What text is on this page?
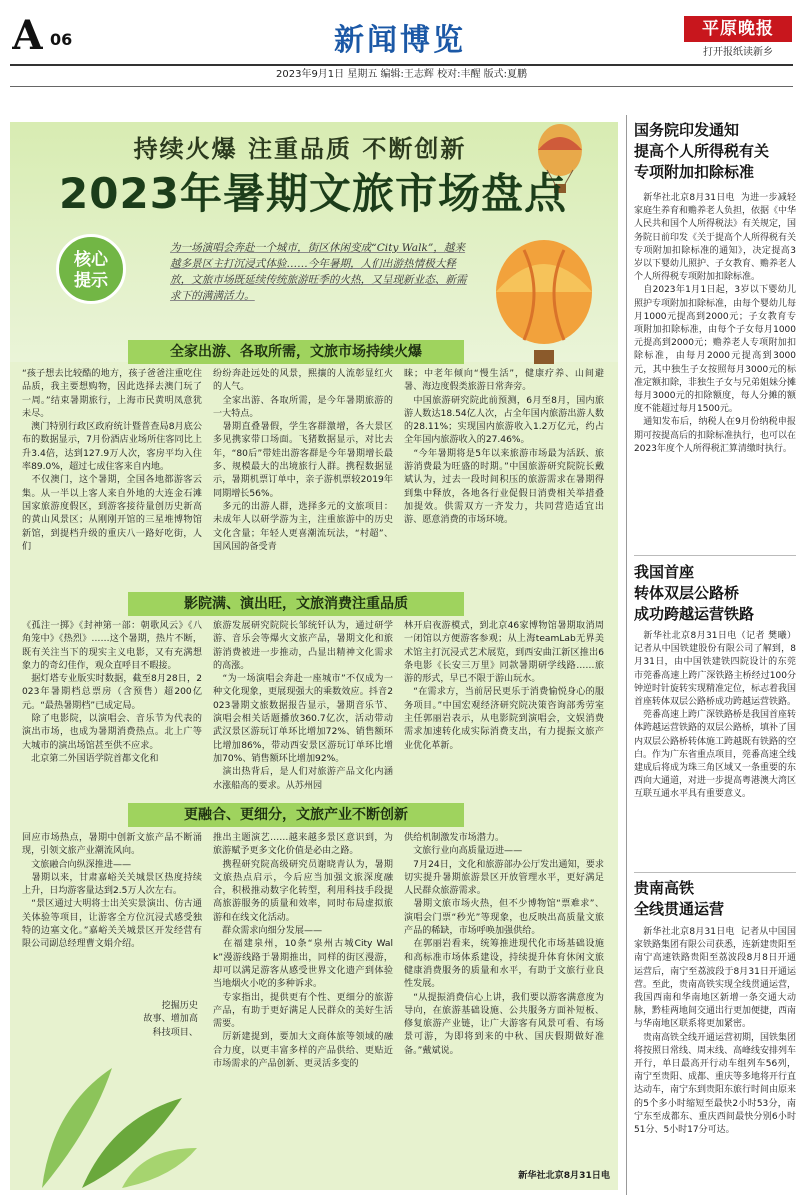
A 06	新闻博览	平原晚报
打开报纸读新乡
2023年9月1日 星期五 编辑:王志辉 校对:丰醒 版式:夏鹏
持续火爆 注重品质 不断创新
2023年暑期文旅市场盘点
核心
提示
为一场演唱会奔赴一个城市，街区休闲变成“City Walk”，越来越多景区主打沉浸式体验……今年暑期，人们出游热情极大释放，文旅市场既延续传统旅游旺季的火热，又呈现新业态、新需求下的满满活力。
全家出游、各取所需，文旅市场持续火爆
“孩子想去比较酷的地方，孩子爸爸注重吃住品质，我主要想购物，因此选择去澳门玩了一周。”结束暑期旅行，上海市民黄明凤意犹未尽。
　澳门特别行政区政府统计暨普查局8月底公布的数据显示，7月份酒店业场所住客同比上升3.4倍，达到127.9万人次，客房平均入住率89.0%，超过七成住客来自内地。
　不仅澳门，这个暑期，全国各地都游客云集。从一半以上客人来自外地的大连金石滩国家旅游度假区，到游客接待量创历史新高的黄山风景区；从刚刚开馆的三星堆博物馆新馆，到提档升级的重庆八一路好吃街，人们
纷纷奔赴远处的风景，熙攘的人流彰显红火的人气。
　全家出游、各取所需，是今年暑期旅游的一大特点。
　暑期直叠暑假，学生客群激增，各大景区多见携家带口场面。飞猪数据显示，对比去年，“80后”带娃出游客群是今年暑期增长最多、规模最大的出境旅行人群。携程数据显示，暑期机票订单中，亲子游机票较2019年同期增长56%。
　多元的出游人群，选择多元的文旅项目：未成年人以研学游为主，注重旅游中的历史文化含量；年轻人更喜潮流玩法，“村超”、国风国韵备受青
睐；中老年倾向“慢生活”，健康疗养、山间避暑、海边度假类旅游日常奔旁。
　中国旅游研究院此前预测，6月至8月，国内旅游人数达18.54亿人次，占全年国内旅游出游人数的28.11%；实现国内旅游收入1.2万亿元，约占全年国内旅游收入的27.46%。
　“今年暑期将是5年以来旅游市场最为活跃、旅游消费最为旺盛的时期。”中国旅游研究院院长戴斌认为，过去一段时间积压的旅游需求在暑期得到集中释放，各地各行业促假日消费相关举措叠加提效。供需双方一齐发力，共同营造适宜出游、愿意消费的市场环境。
影院满、演出旺，文旅消费注重品质
《孤注一掷》《封神第一部：朝歌风云》《八角笼中》《热烈》……这个暑期，热片不断，既有关注当下的现实主义电影，又有充满想象力的奇幻佳作，观众直呼目不暇接。
　据灯塔专业版实时数据，截至8月28日，2023年暑期档总票房（含预售）超200亿元。“最热暑期档”已成定局。
　除了电影院，以演唱会、音乐节为代表的演出市场，也成为暑期消费热点。北上广等大城市的演出场馆甚至供不应求。
　北京第二外国语学院首都文化和
旅游发展研究院院长邹统钎认为，通过研学游、音乐会等爆火文旅产品，暑期文化和旅游消费被进一步推动，凸显出精神文化需求的高涨。
　“为一场演唱会奔赴一座城市”不仅成为一种文化现象，更展现强大的乘数效应。抖音2023暑期文旅数据报告显示，暑期音乐节、演唱会相关话题播放360.7亿次，活动带动武汉景区游玩订单环比增加72%、销售额环比增加86%，带动西安景区游玩订单环比增加70%、销售额环比增加92%。
　演出热背后，是人们对旅游产品文化内涵水涨船高的要求。从苏州园
林开启夜游模式，到北京46家博物馆暑期取消周一闭馆以方便游客参观；从上海teamLab无界美术馆主打沉浸式艺术展览，到西安曲江新区推出6条电影《长安三万里》同款暑期研学线路……旅游的形式，早已不限于游山玩水。
　“在需求方，当前居民更乐于消费愉悦身心的服务项目。”中国宏观经济研究院决策咨询部秀劳室主任郭丽岩表示，从电影院到演唱会，文娱消费需求加速转化成实际消费支出，有力提振文旅产业优化革新。
更融合、更细分，文旅产业不断创新
回应市场热点，暑期中创新文旅产品不断涌现，引领文旅产业潮流风向。
　文旅融合向纵深推进——
　暑期以来，甘肃嘉峪关关城景区热度持续上升，日均游客量达到2.5万人次左右。
　“景区通过大明将士出关实景演出、仿古通关体验等项目，让游客全方位沉浸式感受独特的边塞文化。”嘉峪关关城景区开发经营有限公司副总经理曹文娟介绍。
挖掘历史
故事、增加高
科技项目、
推出主题演艺……越来越多景区意识到，为旅游赋予更多文化价值是必由之路。
　携程研究院高级研究员谢晓青认为，暑期文旅热点启示，今后应当加强文旅深度融合，积极推动数字化转型，利用科技手段提高旅游服务的质量和效率，同时布局虚拟旅游和在线文化活动。
　群众需求向细分发展——
　在福建泉州，10条“泉州古城City Walk”漫游线路于暑期推出，同样的街区漫游，却可以满足游客从感受世界文化遗产到体验当地烟火小吃的多种诉求。
　专家指出，提供更有个性、更细分的旅游产品，有助于更好满足人民群众的美好生活需要。
　厉新建提到，要加大文商体旅等领域的融合力度，以更丰富多样的产品供给、更贴近市场需求的产品创新、更灵活多变的
供给机制激发市场潜力。
　文旅行业向高质量迈进——
　7月24日，文化和旅游部办公厅发出通知，要求切实提升暑期旅游景区开放管理水平，更好满足人民群众旅游需求。
　暑期文旅市场火热，但不少博物馆“票难求”、演唱会门票“秒光”等现象，也反映出高质量文旅产品的稀缺，市场呼唤加强供给。
　在郭丽岩看来，统筹推进现代化市场基础设施和高标准市场体系建设，持续提升体育休闲文旅健康消费服务的质量和水平，有助于文旅行业良性发展。
　“从提振消费信心上讲，我们要以游客满意度为导向，在旅游基础设施、公共服务方面补短板、修复旅游产业链，让广大游客有风景可看、有场景可游，为即将到来的中秋、国庆假期做好准备。”戴斌说。
新华社北京8月31日电
国务院印发通知
提高个人所得税有关
专项附加扣除标准
　新华社北京8月31日电  为进一步减轻家庭生养育和赡养老人负担，依据《中华人民共和国个人所得税法》有关规定，国务院日前印发《关于提高个人所得税有关专项附加扣除标准的通知》，决定提高3岁以下婴幼儿照护、子女教育、赡养老人个人所得税专项附加扣除标准。
　自2023年1月1日起，3岁以下婴幼儿照护专项附加扣除标准，由每个婴幼儿每月1000元提高到2000元；子女教育专项附加扣除标准，由每个子女每月1000元提高到2000元；赡养老人专项附加扣除标准，由每月2000元提高到3000元，其中独生子女按照每月3000元的标准定额扣除，非独生子女与兄弟姐妹分摊每月3000元的扣除额度，每人分摊的额度不能超过每月1500元。
　通知发布后，纳税人在9月份纳税申报期可按提高后的扣除标准执行，也可以在2023年度个人所得税汇算清缴时执行。
我国首座
转体双层公路桥
成功跨越运营铁路
　新华社北京8月31日电（记者 樊曦）记者从中国铁建股份有限公司了解到，8月31日，由中国铁建铁四院设计的东莞市莞番高速上跨广深铁路主桥经过100分钟逆时针旋转实现精准定位，标志着我国首座转体双层公路桥成功跨越运营铁路。
　莞番高速上跨广深铁路桥是我国首座转体跨越运营铁路的双层公路桥，填补了国内双层公路桥转体施工跨越既有铁路的空白。作为广东省重点项目，莞番高速全线建成后将成为珠三角区域又一条重要的东西向大通道，对进一步提高粤港澳大湾区互联互通水平具有重要意义。
贵南高铁
全线贯通运营
　新华社北京8月31日电  记者从中国国家铁路集团有限公司获悉，连新建贵阳至南宁高速铁路贵阳至荔波段8月8日开通运营后，南宁至荔波段于8月31日开通运营。至此，贵南高铁实现全线贯通运营，我国西南和华南地区新增一条交通大动脉，黔桂两地间交通出行更加便捷，西南与华南地区联系将更加紧密。
　贵南高铁全线开通运营初期，国铁集团将按照日常线、周末线、高峰线安排列车开行，单日最高开行动车组列车56列，南宁至贵阳、成都、重庆等多地将开行直达动车，南宁东到贵阳东旅行时间由原来的5个多小时缩短至最快2小时53分，南宁东至成都东、重庆西间最快分别6小时51分、5小时17分可达。
